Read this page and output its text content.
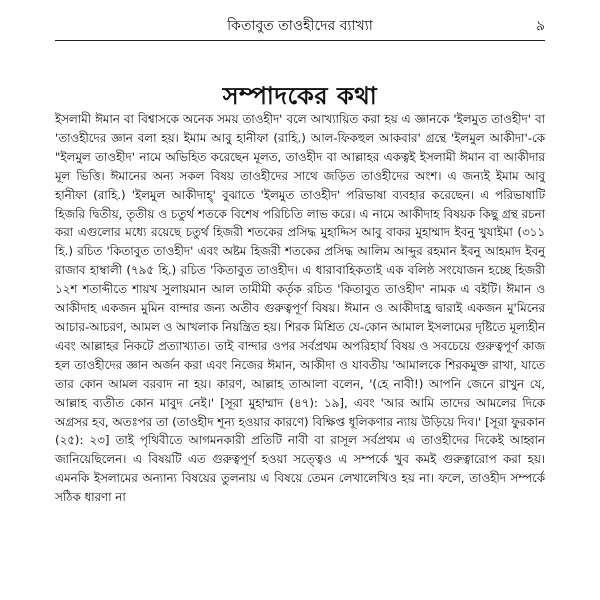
কিতাবুত তাওহীদের ব্যাখ্যা	৯
সম্পাদকের কথা

ইসলামী ঈমান বা বিশ্বাসকে অনেক সময় তাওহীদ' বলে আখ্যায়িত করা হয় এ জ্ঞানকে 'ইলমুত তাওহীদ' বা 'তাওহীদের জ্ঞান বলা হয়। ইমাম আবু হানীফা (রাহি.) আল-ফিকহুল আকবার' গ্রন্থে 'ইলমুল আকীদা'-কে "ইলমুল তাওহীদ' নামে অভিহিত করেছেন মূলত, তাওহীদ বা আল্লাহর একত্বই ইসলামী ঈমান বা আকীদার মূল ভিত্তি। ঈমানের অন্য সকল বিষয় তাওহীদের সাথে জড়িত তাওহীদের অংশ। এ জন্যই ইমাম আবু হানীফা (রাহি.) 'ইলমুল আকীদাহ্' বুঝাতে 'ইলমুত তাওহীদ' পরিভাষা ব্যবহার করেছেন। এ পরিভাষাটি হিজরি দ্বিতীয়, তৃতীয় ও চতুর্থ শতকে বিশেষ পরিচিতি লাভ করে। এ নামে আকীদাহ বিষয়ক কিছু গ্রন্থ রচনা করা এগুলোর মধ্যে রয়েছে চতুর্থ হিজরী শতকের প্রসিদ্ধ মুহাদ্দিস আবু বাকর মুহাম্মাদ ইবনু খুযাইমা (৩১১ হি.) রচিত 'কিতাবুত তাওহীদ' এবং অষ্টম হিজরী শতকের প্রসিদ্ধ আলিম আব্দুর রহমান ইবনু আহমাদ ইবনু রাজাব হাম্বালী (৭৯৫ হি.) রচিত 'কিতাবুত তাওহীদ। এ ধারাবাহিকতাই এক বলিষ্ঠ সংযোজন হচ্ছে হিজরী ১২শ শতাব্দীতে শায়খ সুলায়মান আল তামীমী কর্তৃক রচিত 'কিতাবুত তাওহীদ' নামক এ বইটি। ঈমান ও আকীদাহ একজন মুমিন বান্দার জন্য অতীব গুরুত্বপূর্ণ বিষয়। ঈমান ও আকীদাহ্র দ্বারাই একজন মু'মিনের আচার-আচরণ, আমল ও আখলাক নিয়ন্ত্রিত হয়। শিরক মিশ্রিত যে-কোন আমাল ইসলামের দৃষ্টিতে মূল্যহীন এবং আল্লাহর নিকটে প্রত্যাখ্যাত। তাই বান্দার ওপর সর্বপ্রথম অপরিহার্য বিষয় ও সবচেয়ে গুরুত্বপূর্ণ কাজ হল তাওহীদের জ্ঞান অর্জন করা এবং নিজের ঈমান, আকীদা ও যাবতীয় 'আমালকে শিরকমুক্ত রাখা, যাতে তার কোন আমল বরবাদ না হয়। কারণ, আল্লাহ তাআলা বলেন, '(হে নাবী!) আপনি জেনে রাখুন যে, আল্লাহ ব্যতীত কোন মাবুদ নেই।' [সূরা মুহাম্মাদ (৪৭): ১৯], এবং 'আর আমি তাদের আমলের দিকে অগ্রসর হব, অতঃপর তা (তাওহীদ শূন্য হওয়ার কারণে) বিক্ষিপ্ত ধূলিকণার ন্যায় উড়িয়ে দিব।' [সূরা ফুরকান (২৫): ২৩] তাই পৃথিবীতে আগমনকারী প্রতিটি নাবী বা রাসূল সর্বপ্রথম এ তাওহীদের দিকেই আহ্বান জানিয়েছিলেন। এ বিষয়টি এত গুরুত্বপূর্ণ হওয়া সত্ত্বেও এ সম্পর্কে খুব কমই গুরুত্বারোপ করা হয়। এমনকি ইসলামের অন্যান্য বিষয়ের তুলনায় এ বিষয়ে তেমন লেখালেখিও হয় না। ফলে, তাওহীদ সম্পর্কে সঠিক ধারণা না
